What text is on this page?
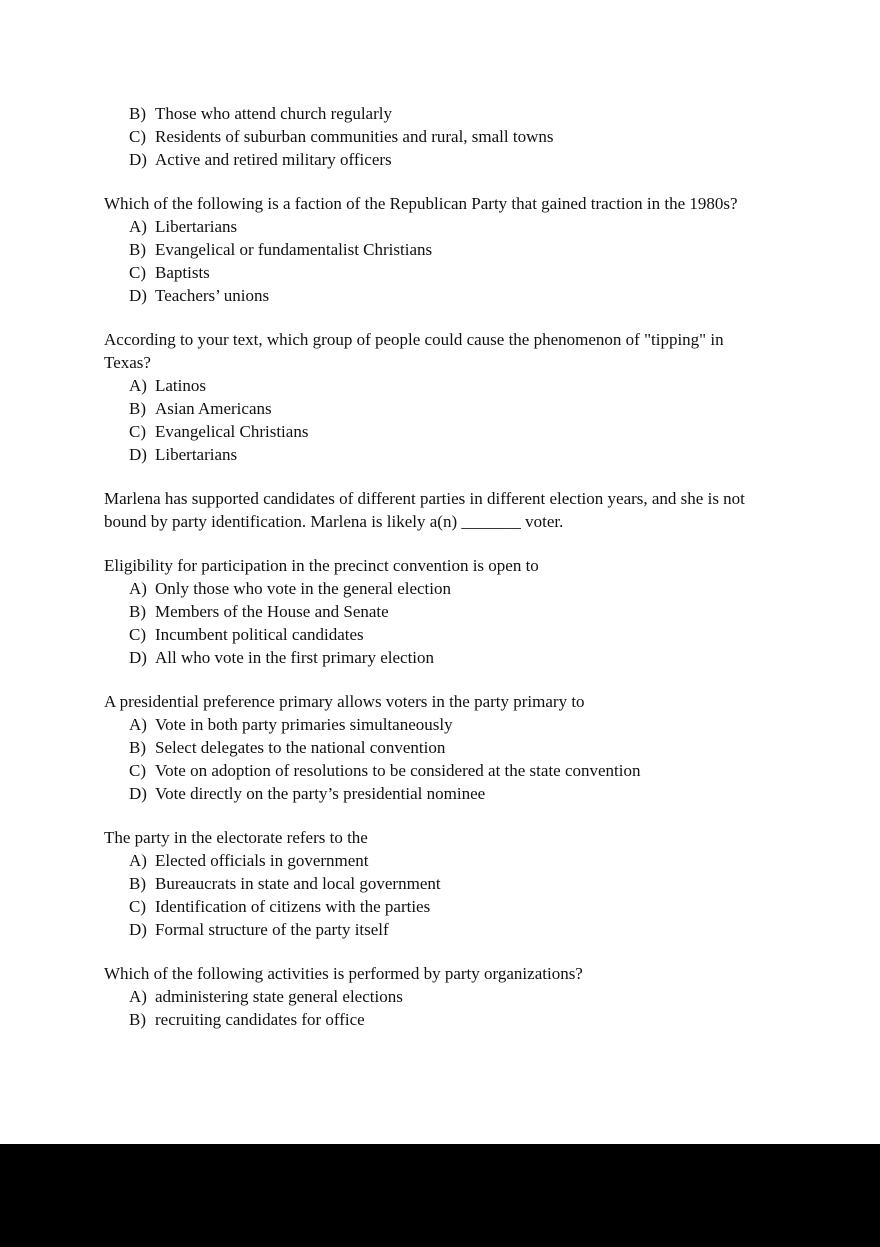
B) Those who attend church regularly
C) Residents of suburban communities and rural, small towns
D) Active and retired military officers

Which of the following is a faction of the Republican Party that gained traction in the 1980s?

A) Libertarians
B) Evangelical or fundamentalist Christians
C) Baptists
D) Teachers’ unions

According to your text, which group of people could cause the phenomenon of "tipping" in Texas?

A) Latinos
B) Asian Americans
C) Evangelical Christians
D) Libertarians

Marlena has supported candidates of different parties in different election years, and she is not bound by party identification. Marlena is likely a(n) _______ voter.

Eligibility for participation in the precinct convention is open to

A) Only those who vote in the general election
B) Members of the House and Senate
C) Incumbent political candidates
D) All who vote in the first primary election

A presidential preference primary allows voters in the party primary to

A) Vote in both party primaries simultaneously
B) Select delegates to the national convention
C) Vote on adoption of resolutions to be considered at the state convention
D) Vote directly on the party’s presidential nominee

The party in the electorate refers to the

A) Elected officials in government
B) Bureaucrats in state and local government
C) Identification of citizens with the parties
D) Formal structure of the party itself

Which of the following activities is performed by party organizations?

A) administering state general elections
B) recruiting candidates for office
